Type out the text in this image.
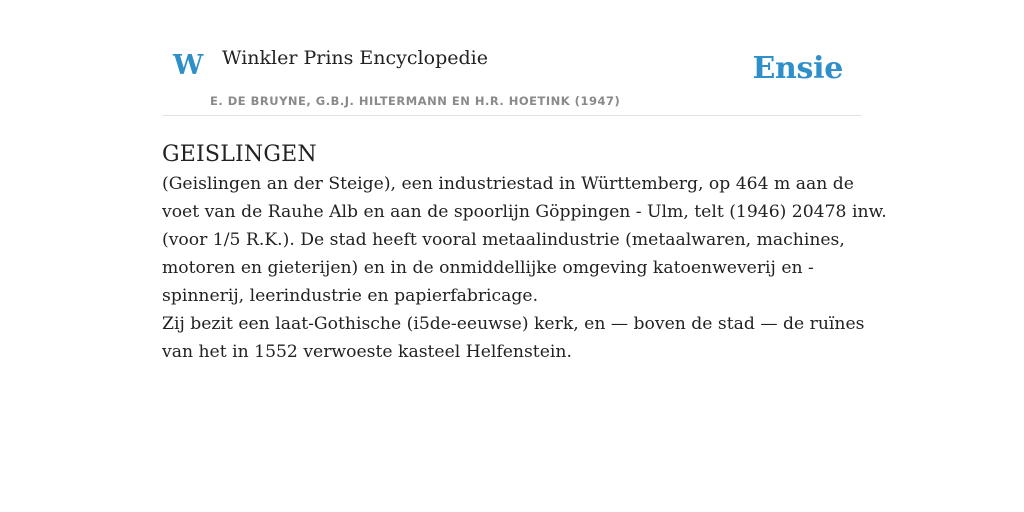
W Winkler Prins Encyclopedie
E. DE BRUYNE, G.B.J. HILTERMANN EN H.R. HOETINK (1947)
Ensie
GEISLINGEN

(Geislingen an der Steige), een industriestad in Württemberg, op 464 m aan de
voet van de Rauhe Alb en aan de spoorlijn Göppingen - Ulm, telt (1946) 20478 inw.
(voor 1/5 R.K.). De stad heeft vooral metaalindustrie (metaalwaren, machines,
motoren en gieterijen) en in de onmiddellijke omgeving katoenweverij en -
spinnerij, leerindustrie en papierfabricage.

Zij bezit een laat-Gothische (i5de-eeuwse) kerk, en — boven de stad — de ruïnes
van het in 1552 verwoeste kasteel Helfenstein.
